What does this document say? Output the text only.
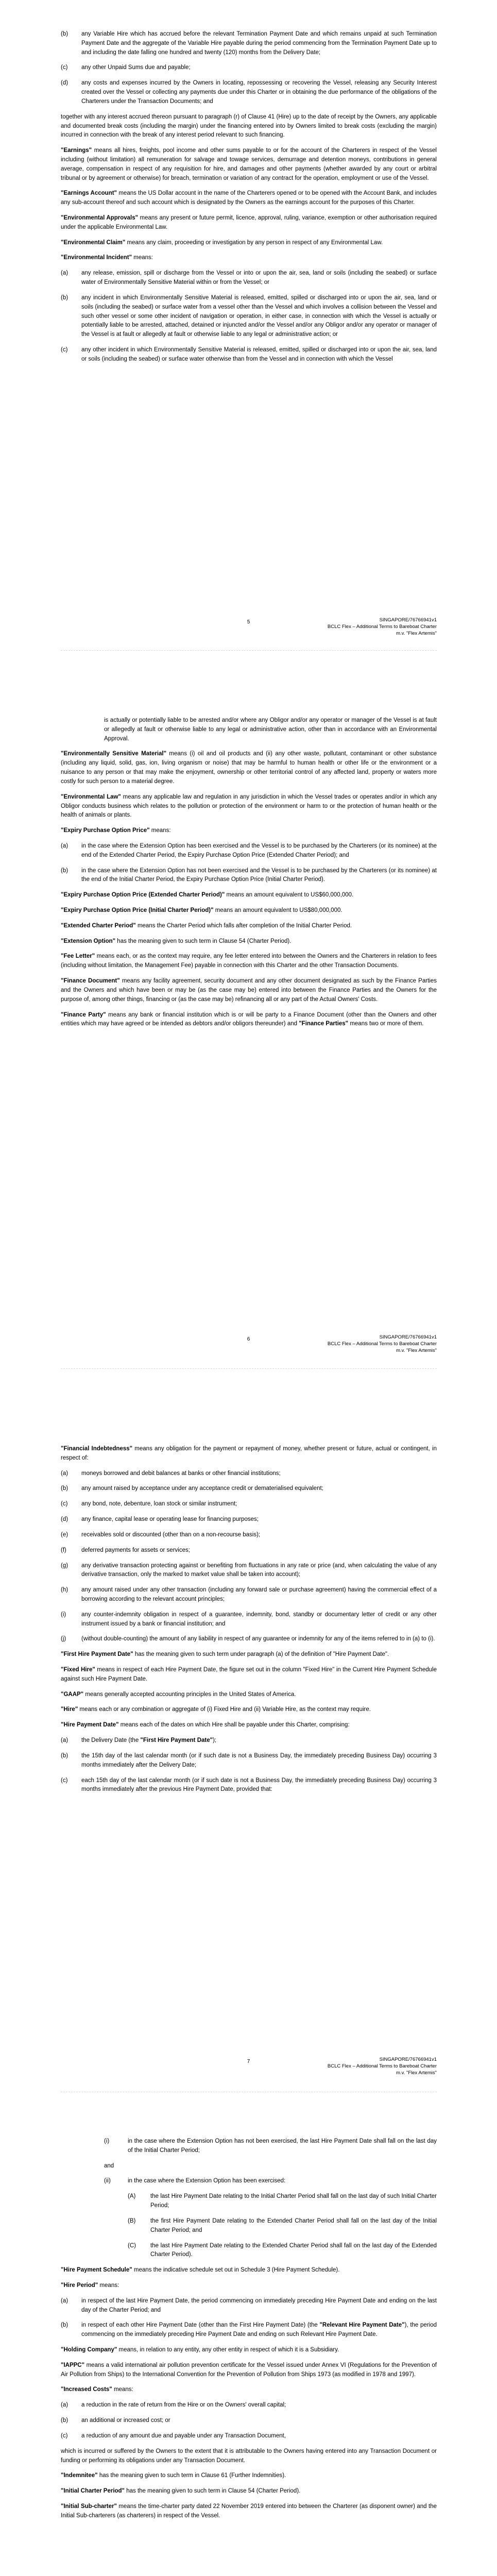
(b)	any Variable Hire which has accrued before the relevant Termination Payment Date and which remains unpaid at such Termination Payment Date and the aggregate of the Variable Hire payable during the period commencing from the Termination Payment Date up to and including the date falling one hundred and twenty (120) months from the Delivery Date;
(c)	any other Unpaid Sums due and payable;
(d)	any costs and expenses incurred by the Owners in locating, repossessing or recovering the Vessel, releasing any Security Interest created over the Vessel or collecting any payments due under this Charter or in obtaining the due performance of the obligations of the Charterers under the Transaction Documents; and

together with any interest accrued thereon pursuant to paragraph (r) of Clause 41 (Hire) up to the date of receipt by the Owners, any applicable and documented break costs (including the margin) under the financing entered into by Owners limited to break costs (excluding the margin) incurred in connection with the break of any interest period relevant to such financing.

"Earnings" means all hires, freights, pool income and other sums payable to or for the account of the Charterers in respect of the Vessel including (without limitation) all remuneration for salvage and towage services, demurrage and detention moneys, contributions in general average, compensation in respect of any requisition for hire, and damages and other payments (whether awarded by any court or arbitral tribunal or by agreement or otherwise) for breach, termination or variation of any contract for the operation, employment or use of the Vessel.

"Earnings Account" means the US Dollar account in the name of the Charterers opened or to be opened with the Account Bank, and includes any sub-account thereof and such account which is designated by the Owners as the earnings account for the purposes of this Charter.

"Environmental Approvals" means any present or future permit, licence, approval, ruling, variance, exemption or other authorisation required under the applicable Environmental Law.

"Environmental Claim" means any claim, proceeding or investigation by any person in respect of any Environmental Law.

"Environmental Incident" means:

(a)	any release, emission, spill or discharge from the Vessel or into or upon the air, sea, land or soils (including the seabed) or surface water of Environmentally Sensitive Material within or from the Vessel; or
(b)	any incident in which Environmentally Sensitive Material is released, emitted, spilled or discharged into or upon the air, sea, land or soils (including the seabed) or surface water from a vessel other than the Vessel and which involves a collision between the Vessel and such other vessel or some other incident of navigation or operation, in either case, in connection with which the Vessel is actually or potentially liable to be arrested, attached, detained or injuncted and/or the Vessel and/or any Obligor and/or any operator or manager of the Vessel is at fault or allegedly at fault or otherwise liable to any legal or administrative action; or
(c)	any other incident in which Environmentally Sensitive Material is released, emitted, spilled or discharged into or upon the air, sea, land or soils (including the seabed) or surface water otherwise than from the Vessel and in connection with which the Vessel
5	SINGAPORE/76766941v1
BCLC Flex – Additional Terms to Bareboat Charter
m.v. "Flex Artemis"

is actually or potentially liable to be arrested and/or where any Obligor and/or any operator or manager of the Vessel is at fault or allegedly at fault or otherwise liable to any legal or administrative action, other than in accordance with an Environmental Approval.

"Environmentally Sensitive Material" means (i) oil and oil products and (ii) any other waste, pollutant, contaminant or other substance (including any liquid, solid, gas, ion, living organism or noise) that may be harmful to human health or other life or the environment or a nuisance to any person or that may make the enjoyment, ownership or other territorial control of any affected land, property or waters more costly for such person to a material degree.

"Environmental Law" means any applicable law and regulation in any jurisdiction in which the Vessel trades or operates and/or in which any Obligor conducts business which relates to the pollution or protection of the environment or harm to or the protection of human health or the health of animals or plants.

"Expiry Purchase Option Price" means:

(a)	in the case where the Extension Option has been exercised and the Vessel is to be purchased by the Charterers (or its nominee) at the end of the Extended Charter Period, the Expiry Purchase Option Price (Extended Charter Period); and
(b)	in the case where the Extension Option has not been exercised and the Vessel is to be purchased by the Charterers (or its nominee) at the end of the Initial Charter Period, the Expiry Purchase Option Price (Initial Charter Period).

"Expiry Purchase Option Price (Extended Charter Period)" means an amount equivalent to US$60,000,000.

"Expiry Purchase Option Price (Initial Charter Period)" means an amount equivalent to US$80,000,000.

"Extended Charter Period" means the Charter Period which falls after completion of the Initial Charter Period.

"Extension Option" has the meaning given to such term in Clause 54 (Charter Period).

"Fee Letter" means each, or as the context may require, any fee letter entered into between the Owners and the Charterers in relation to fees (including without limitation, the Management Fee) payable in connection with this Charter and the other Transaction Documents.

"Finance Document" means any facility agreement, security document and any other document designated as such by the Finance Parties and the Owners and which have been or may be (as the case may be) entered into between the Finance Parties and the Owners for the purpose of, among other things, financing or (as the case may be) refinancing all or any part of the Actual Owners' Costs.

"Finance Party" means any bank or financial institution which is or will be party to a Finance Document (other than the Owners and other entities which may have agreed or be intended as debtors and/or obligors thereunder) and "Finance Parties" means two or more of them.

6	SINGAPORE/76766941v1
BCLC Flex – Additional Terms to Bareboat Charter
m.v. "Flex Artemis"

"Financial Indebtedness" means any obligation for the payment or repayment of money, whether present or future, actual or contingent, in respect of:

(a)	moneys borrowed and debit balances at banks or other financial institutions;
(b)	any amount raised by acceptance under any acceptance credit or dematerialised equivalent;
(c)	any bond, note, debenture, loan stock or similar instrument;
(d)	any finance, capital lease or operating lease for financing purposes;
(e)	receivables sold or discounted (other than on a non-recourse basis);
(f)	deferred payments for assets or services;
(g)	any derivative transaction protecting against or benefiting from fluctuations in any rate or price (and, when calculating the value of any derivative transaction, only the marked to market value shall be taken into account);
(h)	any amount raised under any other transaction (including any forward sale or purchase agreement) having the commercial effect of a borrowing according to the relevant account principles;
(i)	any counter-indemnity obligation in respect of a guarantee, indemnity, bond, standby or documentary letter of credit or any other instrument issued by a bank or financial institution; and
(j)	(without double-counting) the amount of any liability in respect of any guarantee or indemnity for any of the items referred to in (a) to (i).

"First Hire Payment Date" has the meaning given to such term under paragraph (a) of the definition of "Hire Payment Date".

"Fixed Hire" means in respect of each Hire Payment Date, the figure set out in the column "Fixed Hire" in the Current Hire Payment Schedule against such Hire Payment Date.

"GAAP" means generally accepted accounting principles in the United States of America.

"Hire" means each or any combination or aggregate of (i) Fixed Hire and (ii) Variable Hire, as the context may require.

"Hire Payment Date" means each of the dates on which Hire shall be payable under this Charter, comprising:

(a)	the Delivery Date (the "First Hire Payment Date");
(b)	the 15th day of the last calendar month (or if such date is not a Business Day, the immediately preceding Business Day) occurring 3 months immediately after the Delivery Date;
(c)	each 15th day of the last calendar month (or if such date is not a Business Day, the immediately preceding Business Day) occurring 3 months immediately after the previous Hire Payment Date, provided that:
7	SINGAPORE/76766941v1
BCLC Flex – Additional Terms to Bareboat Charter
m.v. "Flex Artemis"
(i)	in the case where the Extension Option has not been exercised, the last Hire Payment Date shall fall on the last day of the Initial Charter Period;

and

(ii)	in the case where the Extension Option has been exercised:
(A)	the last Hire Payment Date relating to the Initial Charter Period shall fall on the last day of such Initial Charter Period;
(B)	the first Hire Payment Date relating to the Extended Charter Period shall fall on the last day of the Initial Charter Period; and
(C)	the last Hire Payment Date relating to the Extended Charter Period shall fall on the last day of the Extended Charter Period).

"Hire Payment Schedule" means the indicative schedule set out in Schedule 3 (Hire Payment Schedule).

"Hire Period" means:

(a)	in respect of the last Hire Payment Date, the period commencing on immediately preceding Hire Payment Date and ending on the last day of the Charter Period; and
(b)	in respect of each other Hire Payment Date (other than the First Hire Payment Date) (the "Relevant Hire Payment Date"), the period commencing on the immediately preceding Hire Payment Date and ending on such Relevant Hire Payment Date.

"Holding Company" means, in relation to any entity, any other entity in respect of which it is a Subsidiary.

"IAPPC" means a valid international air pollution prevention certificate for the Vessel issued under Annex VI (Regulations for the Prevention of Air Pollution from Ships) to the International Convention for the Prevention of Pollution from Ships 1973 (as modified in 1978 and 1997).

"Increased Costs" means:

(a)	a reduction in the rate of return from the Hire or on the Owners' overall capital;
(b)	an additional or increased cost; or
(c)	a reduction of any amount due and payable under any Transaction Document,

which is incurred or suffered by the Owners to the extent that it is attributable to the Owners having entered into any Transaction Document or funding or performing its obligations under any Transaction Document.

"Indemnitee" has the meaning given to such term in Clause 61 (Further Indemnities).

"Initial Charter Period" has the meaning given to such term in Clause 54 (Charter Period).

"Initial Sub-charter" means the time-charter party dated 22 November 2019 entered into between the Charterer (as disponent owner) and the Initial Sub-charterers (as charterers) in respect of the Vessel.
